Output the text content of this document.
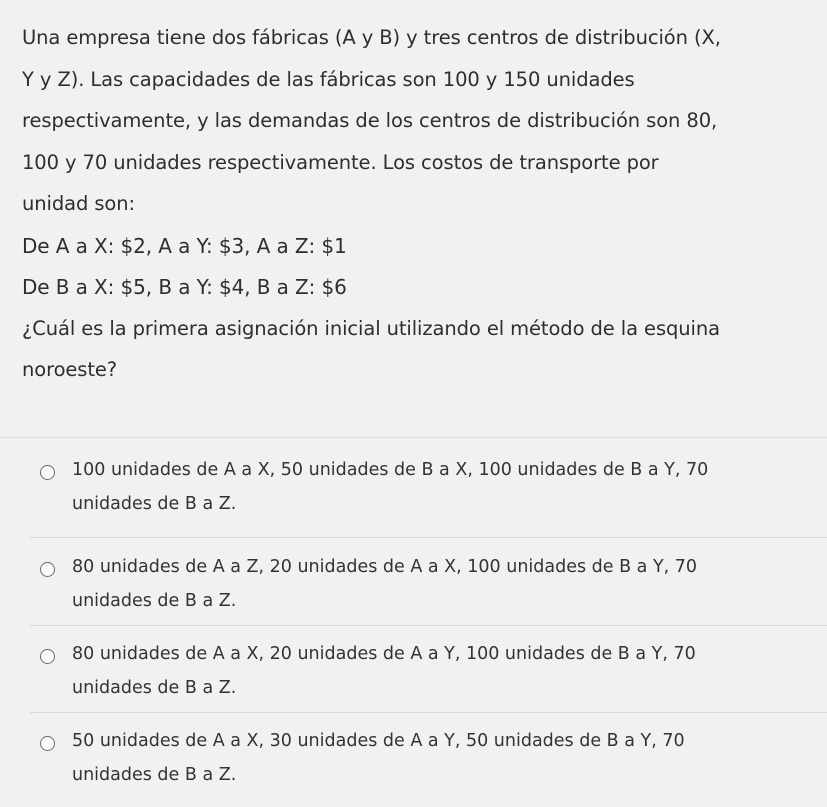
Una empresa tiene dos fábricas (A y B) y tres centros de distribución (X,
Y y Z). Las capacidades de las fábricas son 100 y 150 unidades
respectivamente, y las demandas de los centros de distribución son 80,
100 y 70 unidades respectivamente. Los costos de transporte por
unidad son:
De A a X: $2, A a Y: $3, A a Z: $1
De B a X: $5, B a Y: $4, B a Z: $6
¿Cuál es la primera asignación inicial utilizando el método de la esquina
noroeste?
100 unidades de A a X, 50 unidades de B a X, 100 unidades de B a Y, 70
unidades de B a Z.
80 unidades de A a Z, 20 unidades de A a X, 100 unidades de B a Y, 70
unidades de B a Z.
80 unidades de A a X, 20 unidades de A a Y, 100 unidades de B a Y, 70
unidades de B a Z.
50 unidades de A a X, 30 unidades de A a Y, 50 unidades de B a Y, 70
unidades de B a Z.
